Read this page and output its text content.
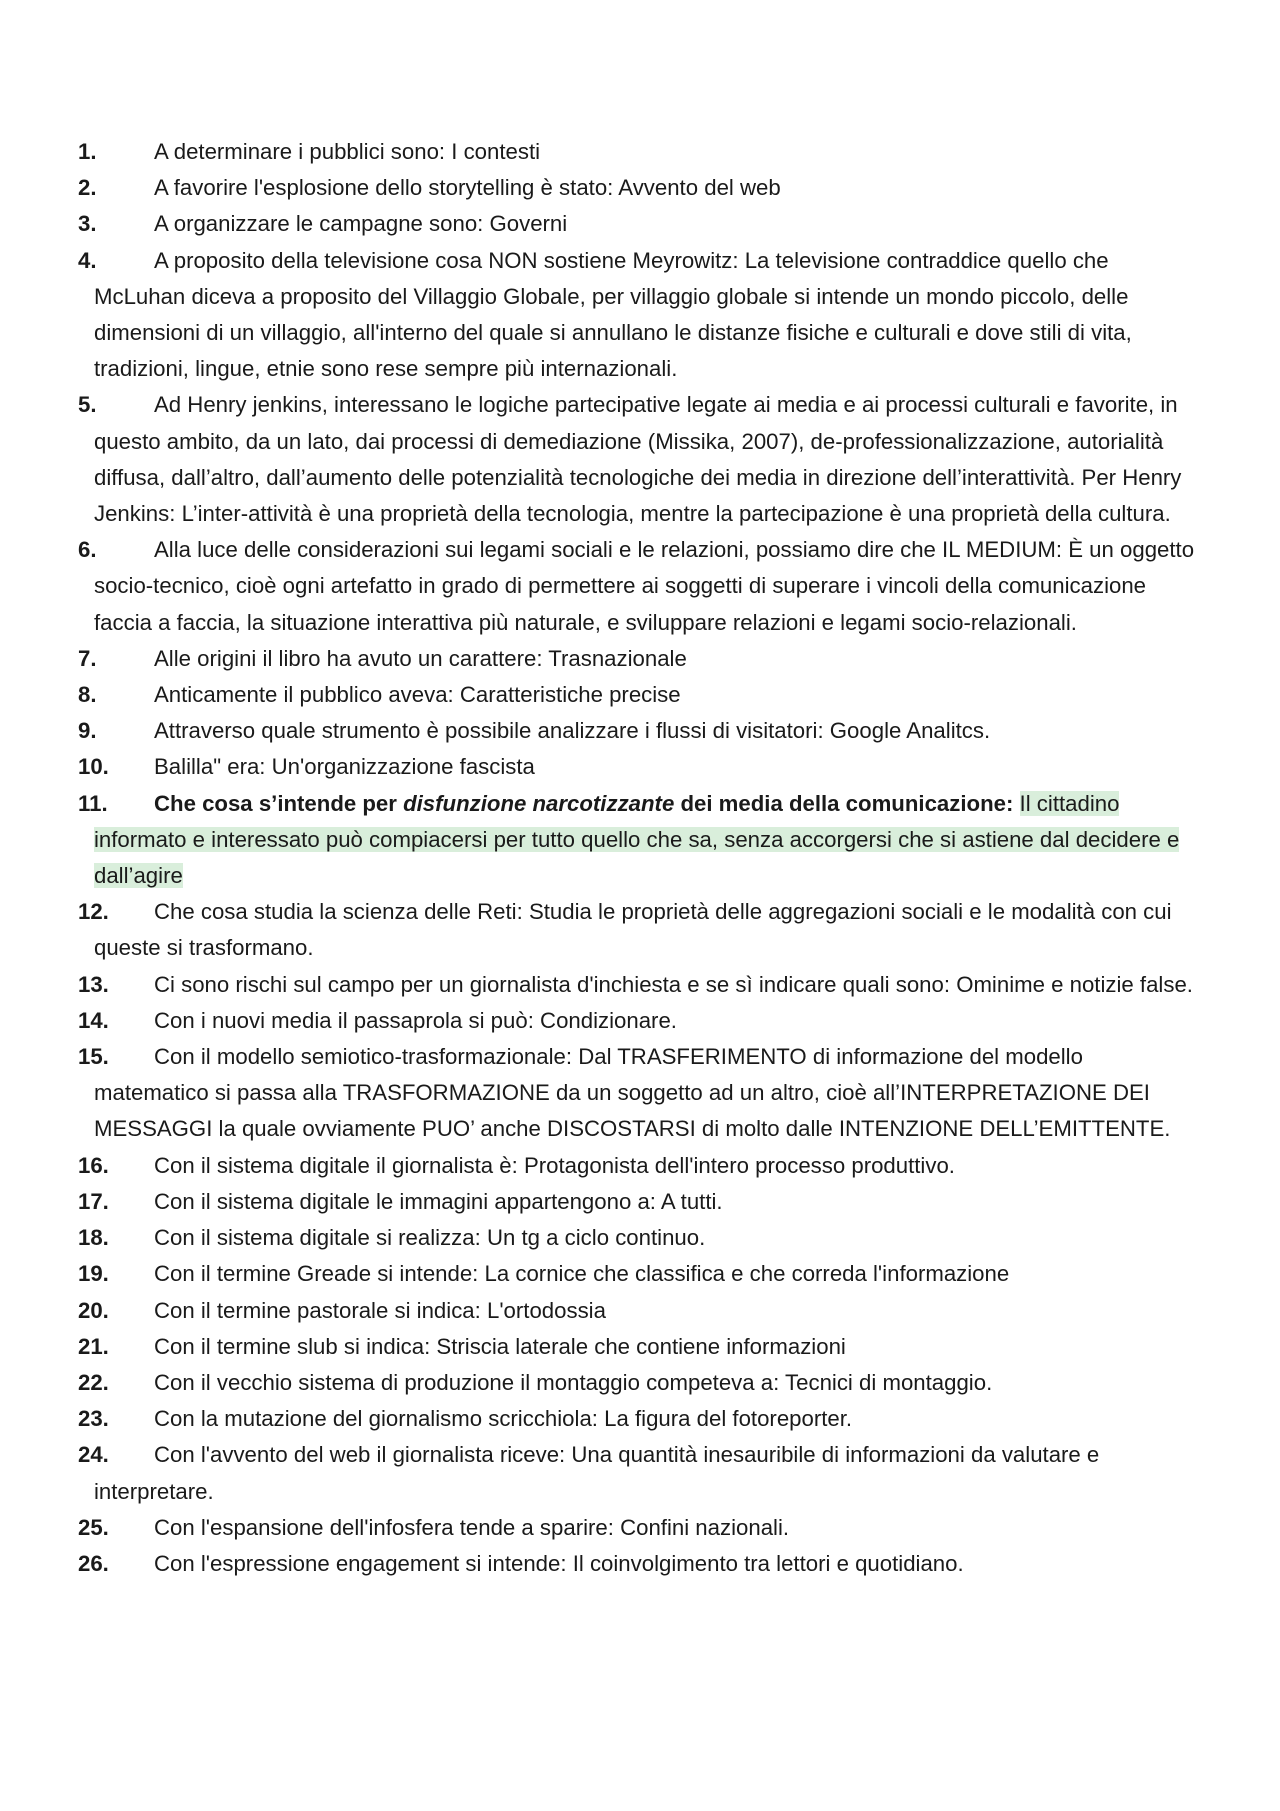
1.	A determinare i pubblici sono: I contesti
2.	A favorire l'esplosione dello storytelling è stato: Avvento del web
3.	A organizzare le campagne sono: Governi
4.	A proposito della televisione cosa NON sostiene Meyrowitz: La televisione contraddice quello che McLuhan diceva a proposito del Villaggio Globale, per villaggio globale si intende un mondo piccolo, delle dimensioni di un villaggio, all'interno del quale si annullano le distanze fisiche e culturali e dove stili di vita, tradizioni, lingue, etnie sono rese sempre più internazionali.
5.	Ad Henry jenkins, interessano le logiche partecipative legate ai media e ai processi culturali e favorite, in questo ambito, da un lato, dai processi di demediazione (Missika, 2007), de-professionalizzazione, autorialità diffusa, dall’altro, dall’aumento delle potenzialità tecnologiche dei media in direzione dell’interattività. Per Henry Jenkins: L’inter-attività è una proprietà della tecnologia, mentre la partecipazione è una proprietà della cultura.
6.	Alla luce delle considerazioni sui legami sociali e le relazioni, possiamo dire che IL MEDIUM: È un oggetto socio-tecnico, cioè ogni artefatto in grado di permettere ai soggetti di superare i vincoli della comunicazione faccia a faccia, la situazione interattiva più naturale, e sviluppare relazioni e legami socio-relazionali.
7.	Alle origini il libro ha avuto un carattere: Trasnazionale
8.	Anticamente il pubblico aveva: Caratteristiche precise
9.	Attraverso quale strumento è possibile analizzare i flussi di visitatori: Google Analitcs.
10.	Balilla" era: Un'organizzazione fascista
11.	Che cosa s’intende per disfunzione narcotizzante dei media della comunicazione: Il cittadino informato e interessato può compiacersi per tutto quello che sa, senza accorgersi che si astiene dal decidere e dall’agire
12.	Che cosa studia la scienza delle Reti: Studia le proprietà delle aggregazioni sociali e le modalità con cui queste si trasformano.
13.	Ci sono rischi sul campo per un giornalista d'inchiesta e se sì indicare quali sono: Ominime e notizie false.
14.	Con i nuovi media il passaprola si può: Condizionare.
15.	Con il modello semiotico-trasformazionale: Dal TRASFERIMENTO di informazione del modello matematico si passa alla TRASFORMAZIONE da un soggetto ad un altro, cioè all’INTERPRETAZIONE DEI MESSAGGI la quale ovviamente PUO’ anche DISCOSTARSI di molto dalle INTENZIONE DELL’EMITTENTE.
16.	Con il sistema digitale il giornalista è: Protagonista dell'intero processo produttivo.
17.	Con il sistema digitale le immagini appartengono a: A tutti.
18.	Con il sistema digitale si realizza: Un tg a ciclo continuo.
19.	Con il termine Greade si intende: La cornice che classifica e che correda l'informazione
20.	Con il termine pastorale si indica: L'ortodossia
21.	Con il termine slub si indica: Striscia laterale che contiene informazioni
22.	Con il vecchio sistema di produzione il montaggio competeva a: Tecnici di montaggio.
23.	Con la mutazione del giornalismo scricchiola: La figura del fotoreporter.
24.	Con l'avvento del web il giornalista riceve: Una quantità inesauribile di informazioni da valutare e interpretare.
25.	Con l'espansione dell'infosfera tende a sparire: Confini nazionali.
26.	Con l'espressione engagement si intende: Il coinvolgimento tra lettori e quotidiano.
